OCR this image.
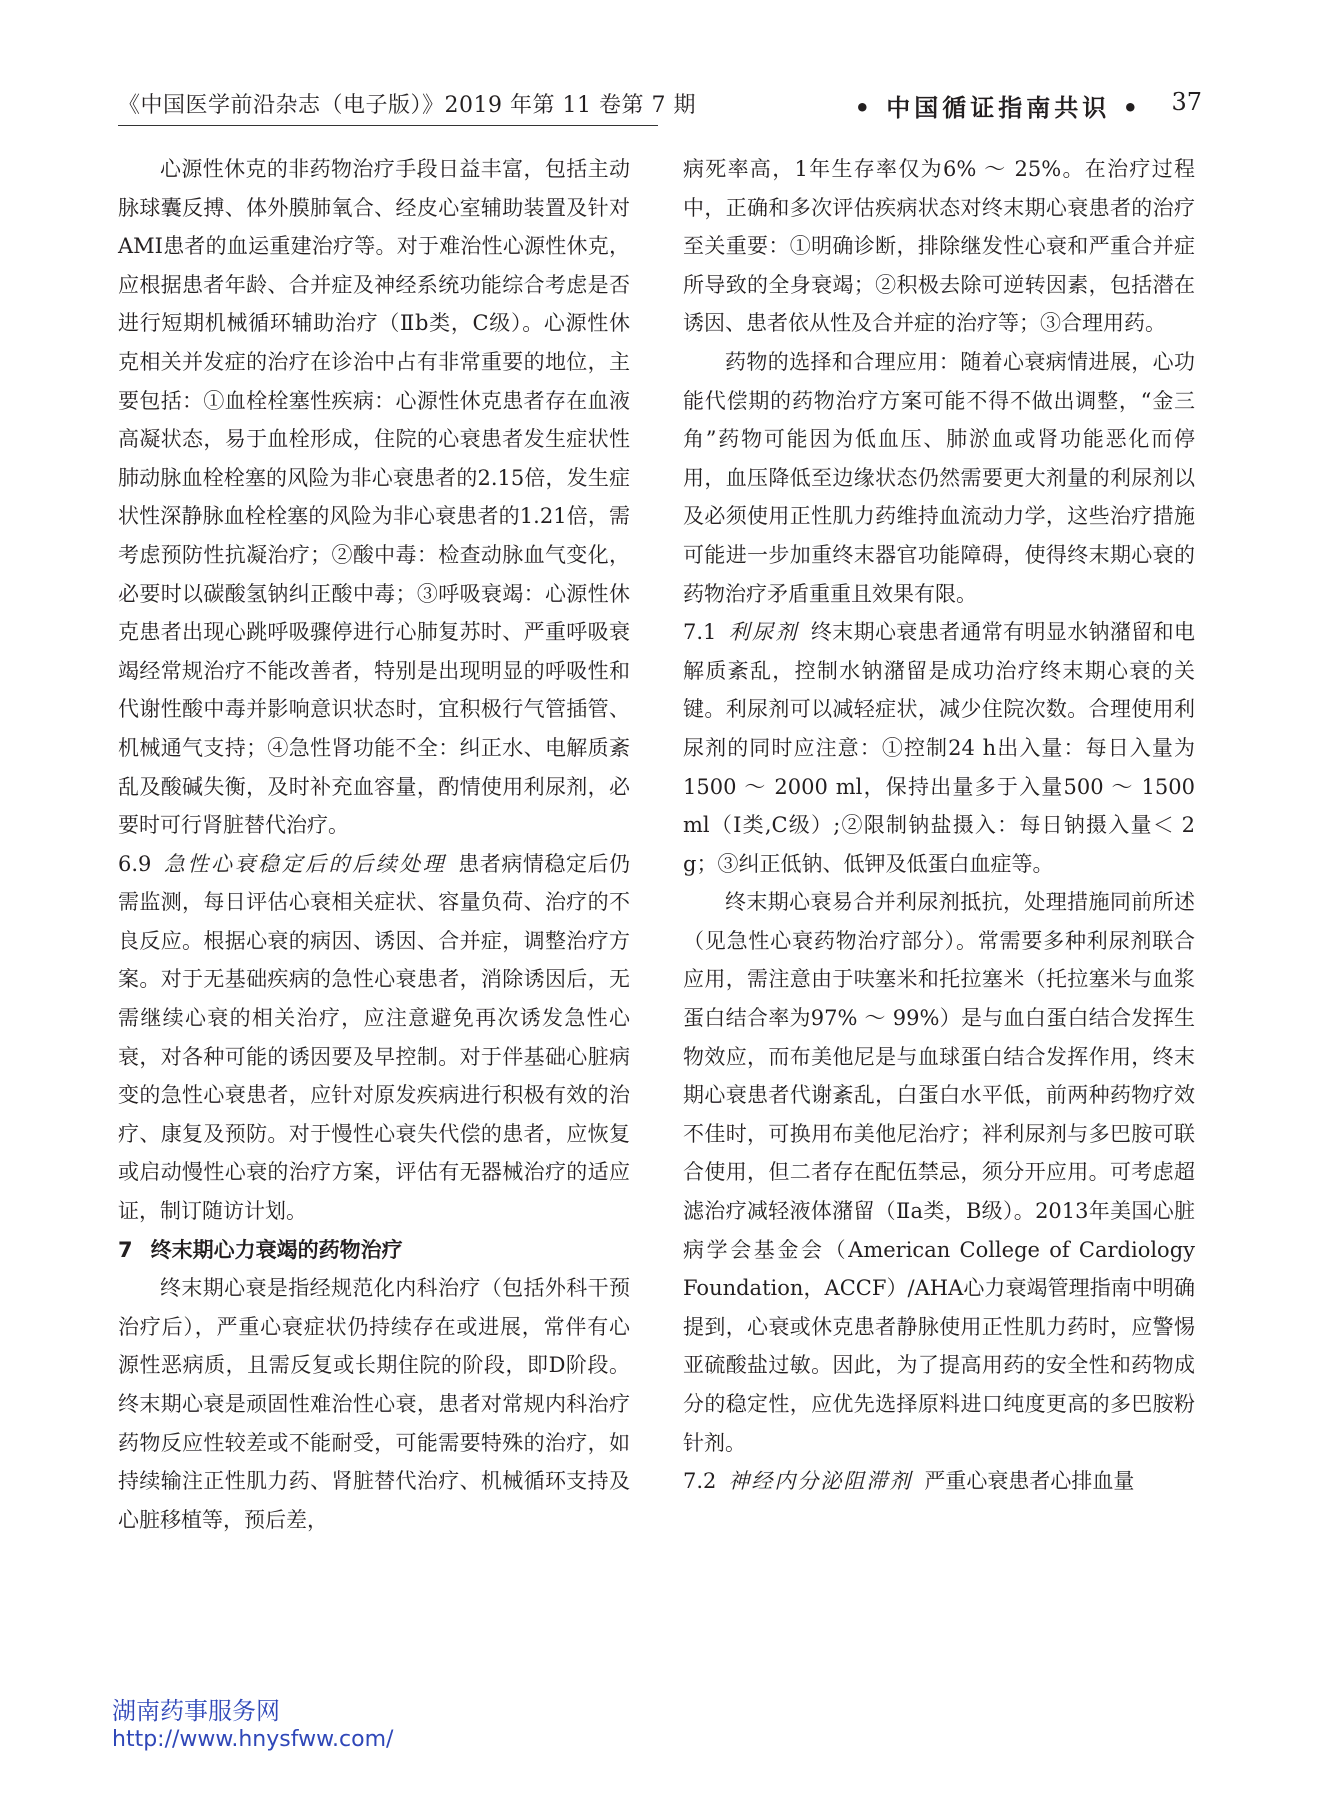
《中国医学前沿杂志（电子版）》2019 年第 11 卷第 7 期	• 中国循证指南共识 • 37

心源性休克的非药物治疗手段日益丰富，包括主动脉球囊反搏、体外膜肺氧合、经皮心室辅助装置及针对AMI患者的血运重建治疗等。对于难治性心源性休克，应根据患者年龄、合并症及神经系统功能综合考虑是否进行短期机械循环辅助治疗（Ⅱb类，C级）。心源性休克相关并发症的治疗在诊治中占有非常重要的地位，主要包括：①血栓栓塞性疾病：心源性休克患者存在血液高凝状态，易于血栓形成，住院的心衰患者发生症状性肺动脉血栓栓塞的风险为非心衰患者的2.15倍，发生症状性深静脉血栓栓塞的风险为非心衰患者的1.21倍，需考虑预防性抗凝治疗；②酸中毒：检查动脉血气变化，必要时以碳酸氢钠纠正酸中毒；③呼吸衰竭：心源性休克患者出现心跳呼吸骤停进行心肺复苏时、严重呼吸衰竭经常规治疗不能改善者，特别是出现明显的呼吸性和代谢性酸中毒并影响意识状态时，宜积极行气管插管、机械通气支持；④急性肾功能不全：纠正水、电解质紊乱及酸碱失衡，及时补充血容量，酌情使用利尿剂，必要时可行肾脏替代治疗。

6.9 急性心衰稳定后的后续处理 患者病情稳定后仍需监测，每日评估心衰相关症状、容量负荷、治疗的不良反应。根据心衰的病因、诱因、合并症，调整治疗方案。对于无基础疾病的急性心衰患者，消除诱因后，无需继续心衰的相关治疗，应注意避免再次诱发急性心衰，对各种可能的诱因要及早控制。对于伴基础心脏病变的急性心衰患者，应针对原发疾病进行积极有效的治疗、康复及预防。对于慢性心衰失代偿的患者，应恢复或启动慢性心衰的治疗方案，评估有无器械治疗的适应证，制订随访计划。

7 终末期心力衰竭的药物治疗

终末期心衰是指经规范化内科治疗（包括外科干预治疗后），严重心衰症状仍持续存在或进展，常伴有心源性恶病质，且需反复或长期住院的阶段，即D阶段。终末期心衰是顽固性难治性心衰，患者对常规内科治疗药物反应性较差或不能耐受，可能需要特殊的治疗，如持续输注正性肌力药、肾脏替代治疗、机械循环支持及心脏移植等，预后差，

病死率高，1年生存率仅为6% ～ 25%。在治疗过程中，正确和多次评估疾病状态对终末期心衰患者的治疗至关重要：①明确诊断，排除继发性心衰和严重合并症所导致的全身衰竭；②积极去除可逆转因素，包括潜在诱因、患者依从性及合并症的治疗等；③合理用药。

药物的选择和合理应用：随着心衰病情进展，心功能代偿期的药物治疗方案可能不得不做出调整，“金三角”药物可能因为低血压、肺淤血或肾功能恶化而停用，血压降低至边缘状态仍然需要更大剂量的利尿剂以及必须使用正性肌力药维持血流动力学，这些治疗措施可能进一步加重终末器官功能障碍，使得终末期心衰的药物治疗矛盾重重且效果有限。

7.1 利尿剂 终末期心衰患者通常有明显水钠潴留和电解质紊乱，控制水钠潴留是成功治疗终末期心衰的关键。利尿剂可以减轻症状，减少住院次数。合理使用利尿剂的同时应注意：①控制24 h出入量：每日入量为1500 ～ 2000 ml，保持出量多于入量500 ～ 1500 ml（Ⅰ类,C级）;②限制钠盐摄入：每日钠摄入量＜ 2 g；③纠正低钠、低钾及低蛋白血症等。

终末期心衰易合并利尿剂抵抗，处理措施同前所述（见急性心衰药物治疗部分）。常需要多种利尿剂联合应用，需注意由于呋塞米和托拉塞米（托拉塞米与血浆蛋白结合率为97% ～ 99%）是与血白蛋白结合发挥生物效应，而布美他尼是与血球蛋白结合发挥作用，终末期心衰患者代谢紊乱，白蛋白水平低，前两种药物疗效不佳时，可换用布美他尼治疗；袢利尿剂与多巴胺可联合使用，但二者存在配伍禁忌，须分开应用。可考虑超滤治疗减轻液体潴留（Ⅱa类，B级）。2013年美国心脏病学会基金会（American College of Cardiology Foundation，ACCF）/AHA心力衰竭管理指南中明确提到，心衰或休克患者静脉使用正性肌力药时，应警惕亚硫酸盐过敏。因此，为了提高用药的安全性和药物成分的稳定性，应优先选择原料进口纯度更高的多巴胺粉针剂。

7.2 神经内分泌阻滞剂 严重心衰患者心排血量

湖南药事服务网
http://www.hnysfww.com/
